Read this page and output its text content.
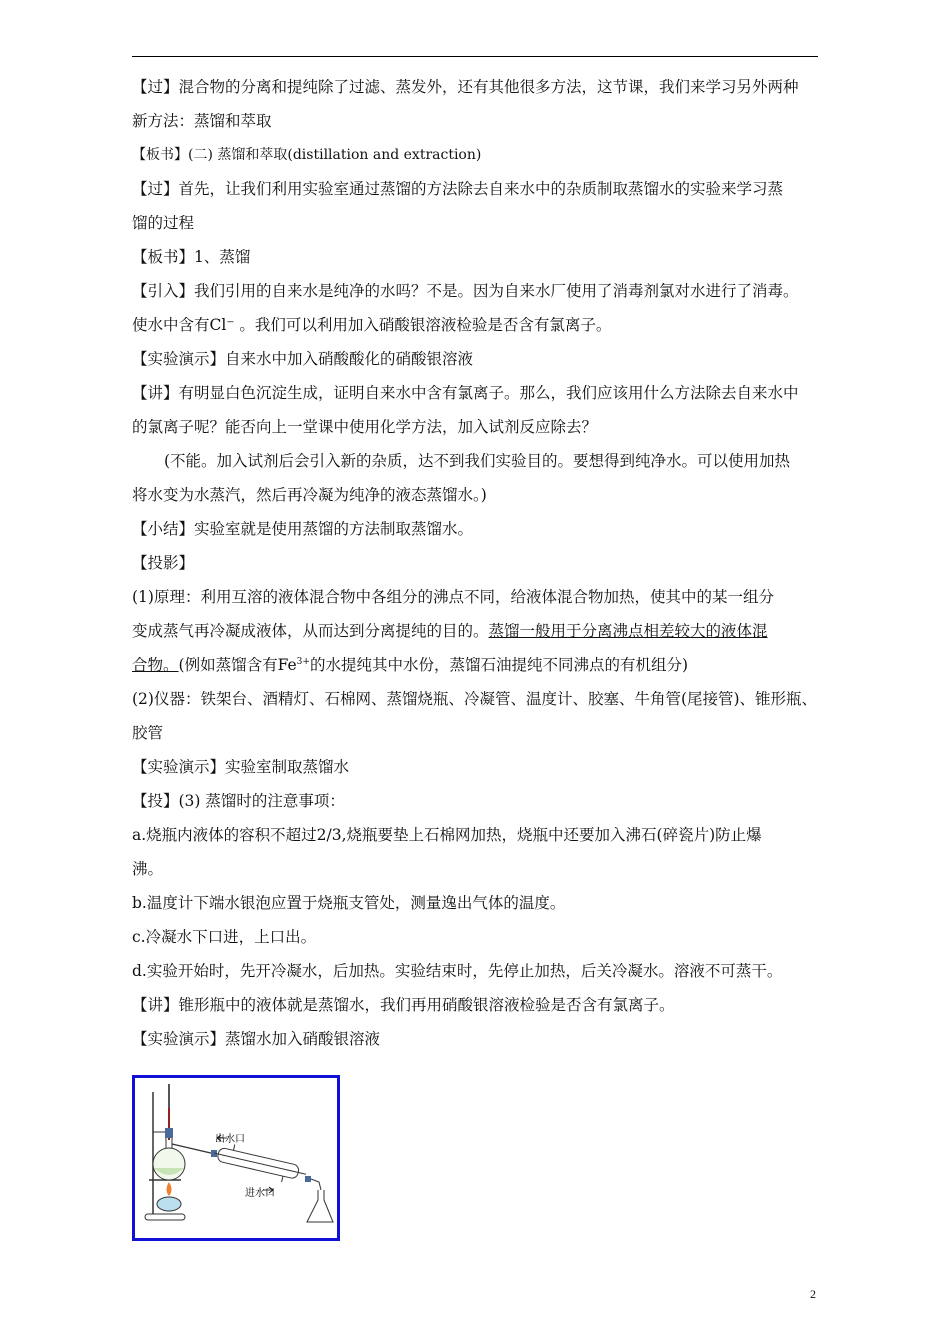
【过】混合物的分离和提纯除了过滤、蒸发外，还有其他很多方法，这节课，我们来学习另外两种
新方法：蒸馏和萃取
【板书】(二) 蒸馏和萃取(distillation and extraction)
【过】首先，让我们利用实验室通过蒸馏的方法除去自来水中的杂质制取蒸馏水的实验来学习蒸
馏的过程
【板书】1、蒸馏
【引入】我们引用的自来水是纯净的水吗？不是。因为自来水厂使用了消毒剂氯对水进行了消毒。
使水中含有Cl⁻ 。我们可以利用加入硝酸银溶液检验是否含有氯离子。
【实验演示】自来水中加入硝酸酸化的硝酸银溶液
【讲】有明显白色沉淀生成，证明自来水中含有氯离子。那么，我们应该用什么方法除去自来水中
的氯离子呢？能否向上一堂课中使用化学方法，加入试剂反应除去？
(不能。加入试剂后会引入新的杂质，达不到我们实验目的。要想得到纯净水。可以使用加热
将水变为水蒸汽，然后再冷凝为纯净的液态蒸馏水。)
【小结】实验室就是使用蒸馏的方法制取蒸馏水。
【投影】
(1)原理：利用互溶的液体混合物中各组分的沸点不同，给液体混合物加热，使其中的某一组分
变成蒸气再冷凝成液体，从而达到分离提纯的目的。蒸馏一般用于分离沸点相差较大的液体混
合物。(例如蒸馏含有$Fe^{3+}$的水提纯其中水份，蒸馏石油提纯不同沸点的有机组分)
(2)仪器：铁架台、酒精灯、石棉网、蒸馏烧瓶、冷凝管、温度计、胶塞、牛角管(尾接管)、锥形瓶、
胶管
【实验演示】实验室制取蒸馏水
【投】(3) 蒸馏时的注意事项：
a.烧瓶内液体的容积不超过2/3,烧瓶要垫上石棉网加热，烧瓶中还要加入沸石(碎瓷片)防止爆
沸。
b.温度计下端水银泡应置于烧瓶支管处，测量逸出气体的温度。
c.冷凝水下口进，上口出。
d.实验开始时，先开冷凝水，后加热。实验结束时，先停止加热，后关冷凝水。溶液不可蒸干。
【讲】锥形瓶中的液体就是蒸馏水，我们再用硝酸银溶液检验是否含有氯离子。
【实验演示】蒸馏水加入硝酸银溶液
出水口
进水口
2
